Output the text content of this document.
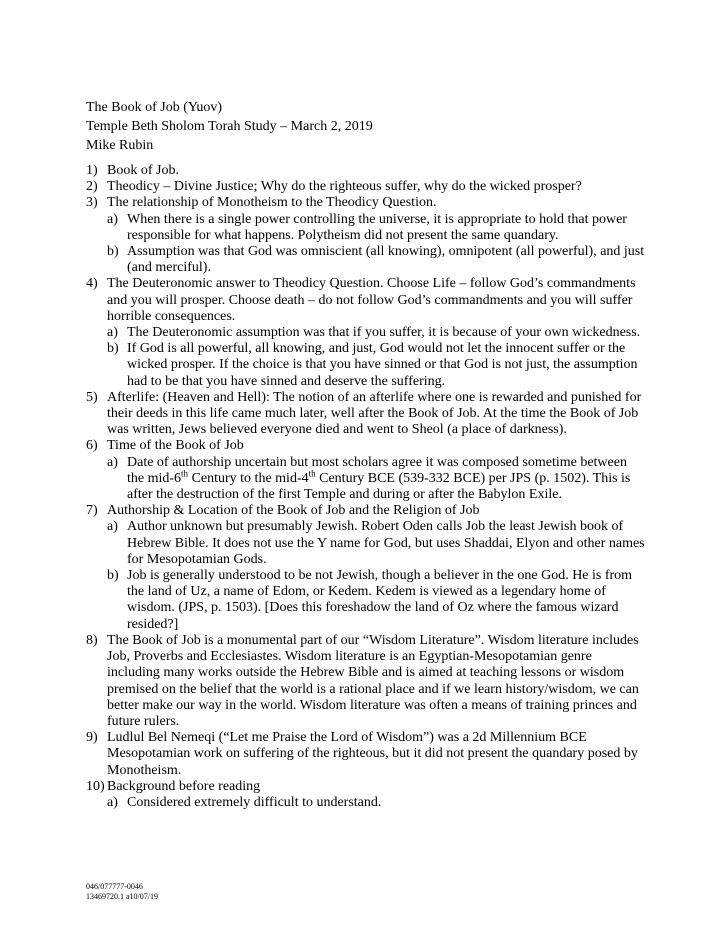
The Book of Job (Yuov)
Temple Beth Sholom Torah Study – March 2, 2019
Mike Rubin
1) Book of Job.
2) Theodicy – Divine Justice; Why do the righteous suffer, why do the wicked prosper?
3) The relationship of Monotheism to the Theodicy Question.
a) When there is a single power controlling the universe, it is appropriate to hold that power responsible for what happens. Polytheism did not present the same quandary.
b) Assumption was that God was omniscient (all knowing), omnipotent (all powerful), and just (and merciful).
4) The Deuteronomic answer to Theodicy Question. Choose Life – follow God’s commandments and you will prosper. Choose death – do not follow God’s commandments and you will suffer horrible consequences.
a) The Deuteronomic assumption was that if you suffer, it is because of your own wickedness.
b) If God is all powerful, all knowing, and just, God would not let the innocent suffer or the wicked prosper. If the choice is that you have sinned or that God is not just, the assumption had to be that you have sinned and deserve the suffering.
5) Afterlife: (Heaven and Hell): The notion of an afterlife where one is rewarded and punished for their deeds in this life came much later, well after the Book of Job. At the time the Book of Job was written, Jews believed everyone died and went to Sheol (a place of darkness).
6) Time of the Book of Job
a) Date of authorship uncertain but most scholars agree it was composed sometime between the mid-6th Century to the mid-4th Century BCE (539-332 BCE) per JPS (p. 1502). This is after the destruction of the first Temple and during or after the Babylon Exile.
7) Authorship & Location of the Book of Job and the Religion of Job
a) Author unknown but presumably Jewish. Robert Oden calls Job the least Jewish book of Hebrew Bible. It does not use the Y name for God, but uses Shaddai, Elyon and other names for Mesopotamian Gods.
b) Job is generally understood to be not Jewish, though a believer in the one God. He is from the land of Uz, a name of Edom, or Kedem. Kedem is viewed as a legendary home of wisdom. (JPS, p. 1503). [Does this foreshadow the land of Oz where the famous wizard resided?]
8) The Book of Job is a monumental part of our “Wisdom Literature”. Wisdom literature includes Job, Proverbs and Ecclesiastes. Wisdom literature is an Egyptian-Mesopotamian genre including many works outside the Hebrew Bible and is aimed at teaching lessons or wisdom premised on the belief that the world is a rational place and if we learn history/wisdom, we can better make our way in the world. Wisdom literature was often a means of training princes and future rulers.
9) Ludlul Bel Nemeqi (“Let me Praise the Lord of Wisdom”) was a 2d Millennium BCE Mesopotamian work on suffering of the righteous, but it did not present the quandary posed by Monotheism.
10) Background before reading
a) Considered extremely difficult to understand.
046/077777-0046
13469720.1 a10/07/19
